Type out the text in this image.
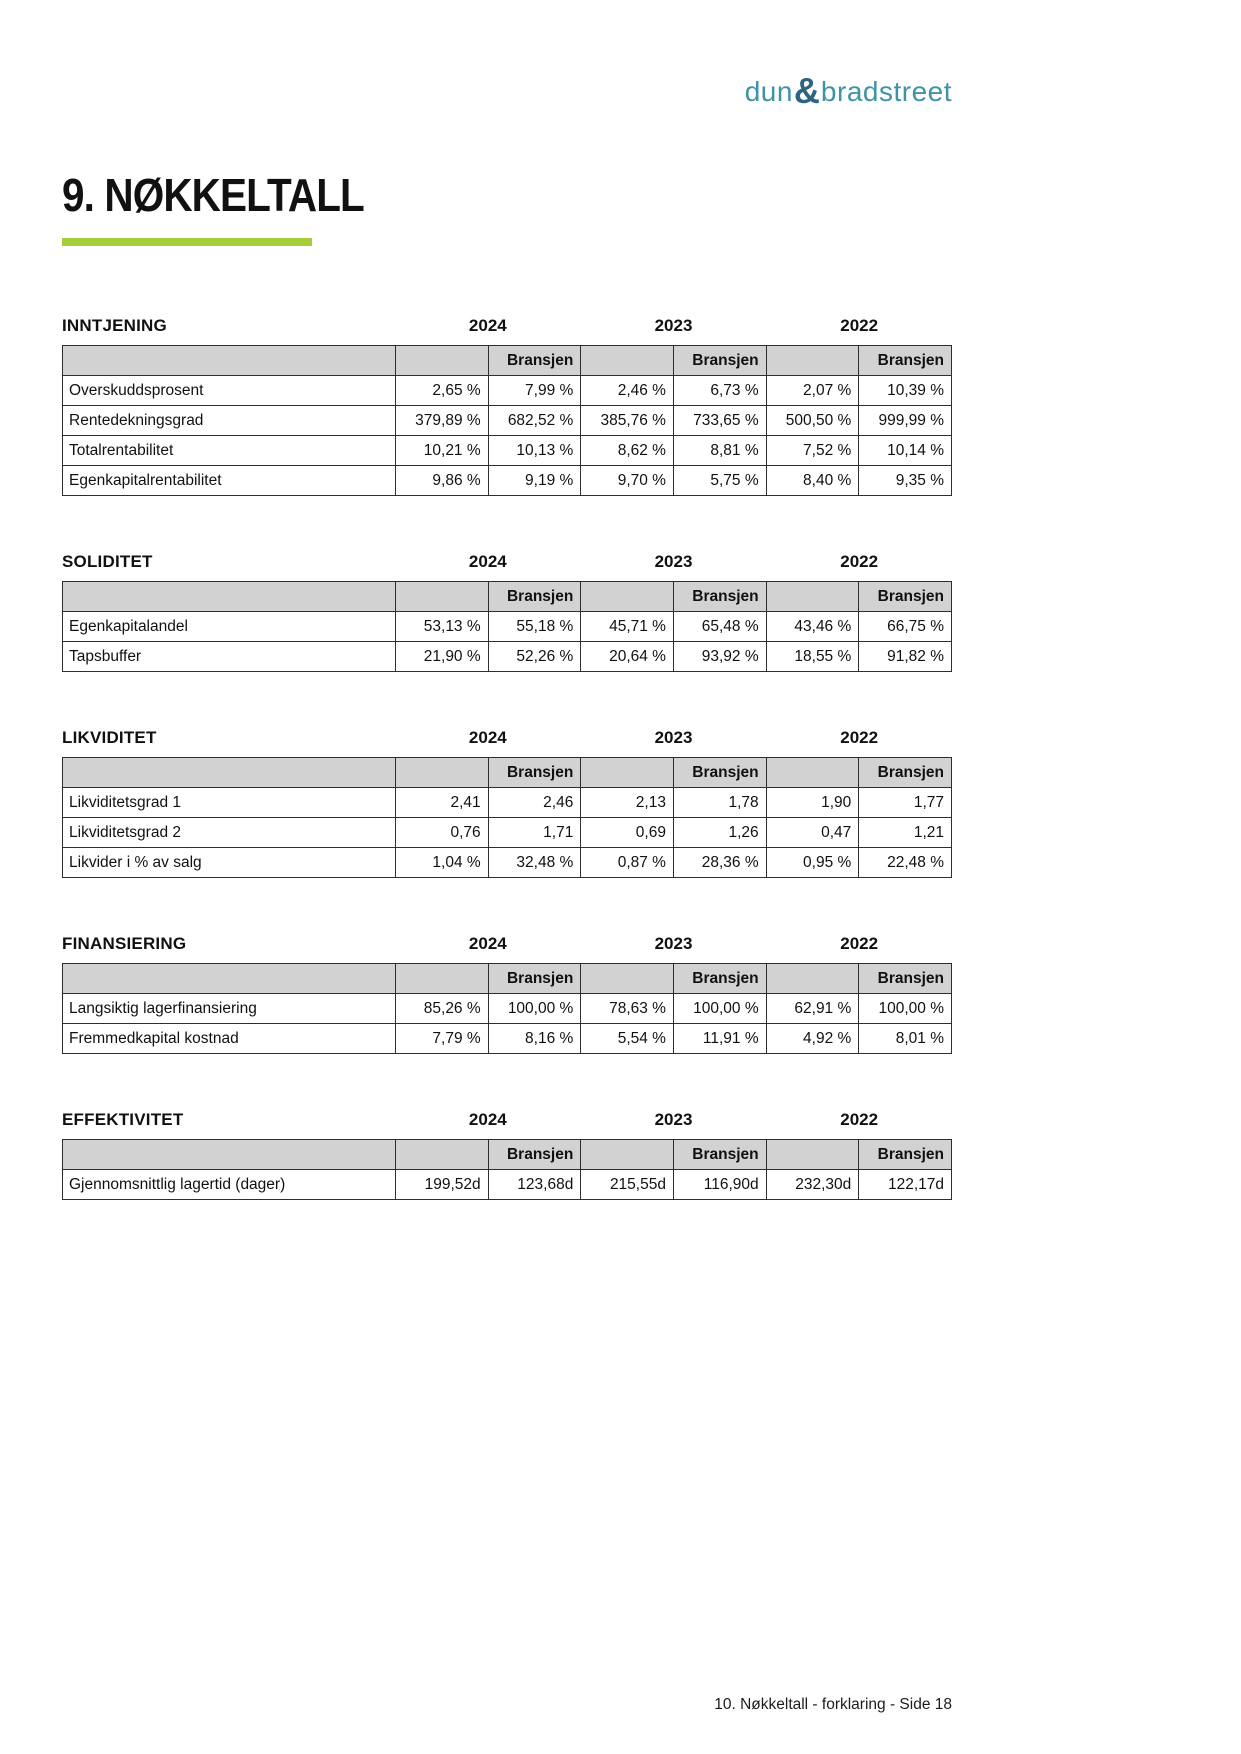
dun & bradstreet
9. NØKKELTALL
INNTJENING	2024	2023	2022
		Bransjen		Bransjen		Bransjen
Overskuddsprosent	2,65 %	7,99 %	2,46 %	6,73 %	2,07 %	10,39 %
Rentedekningsgrad	379,89 %	682,52 %	385,76 %	733,65 %	500,50 %	999,99 %
Totalrentabilitet	10,21 %	10,13 %	8,62 %	8,81 %	7,52 %	10,14 %
Egenkapitalrentabilitet	9,86 %	9,19 %	9,70 %	5,75 %	8,40 %	9,35 %
SOLIDITET	2024	2023	2022
		Bransjen		Bransjen		Bransjen
Egenkapitalandel	53,13 %	55,18 %	45,71 %	65,48 %	43,46 %	66,75 %
Tapsbuffer	21,90 %	52,26 %	20,64 %	93,92 %	18,55 %	91,82 %
LIKVIDITET	2024	2023	2022
		Bransjen		Bransjen		Bransjen
Likviditetsgrad 1	2,41	2,46	2,13	1,78	1,90	1,77
Likviditetsgrad 2	0,76	1,71	0,69	1,26	0,47	1,21
Likvider i % av salg	1,04 %	32,48 %	0,87 %	28,36 %	0,95 %	22,48 %
FINANSIERING	2024	2023	2022
		Bransjen		Bransjen		Bransjen
Langsiktig lagerfinansiering	85,26 %	100,00 %	78,63 %	100,00 %	62,91 %	100,00 %
Fremmedkapital kostnad	7,79 %	8,16 %	5,54 %	11,91 %	4,92 %	8,01 %
EFFEKTIVITET	2024	2023	2022
		Bransjen		Bransjen		Bransjen
Gjennomsnittlig lagertid (dager)	199,52d	123,68d	215,55d	116,90d	232,30d	122,17d
10. Nøkkeltall - forklaring - Side 18
